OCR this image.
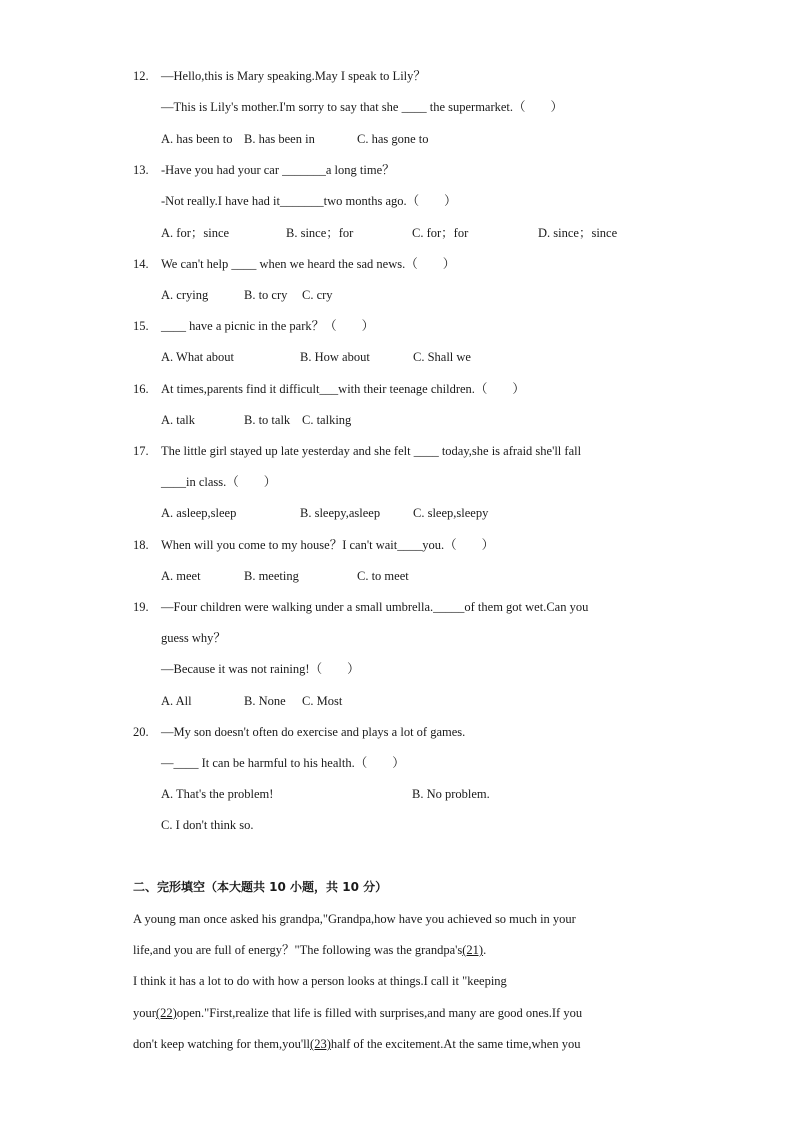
12. —Hello,this is Mary speaking.May I speak to Lily？
—This is Lily's mother.I'm sorry to say that she ____ the supermarket.（　　）
A. has been to B. has been in	C. has gone to
13. -Have you had your car _______a long time？
-Not really.I have had it_______two months ago.（　　）
A. for；since	B. since；for	C. for；for	D. since；since
14. We can't help ____ when we heard the sad news.（　　）
A. crying	B. to cry C. cry
15. ____ have a picnic in the park？（　　）
A. What about	B. How about	C. Shall we
16. At times,parents find it difficult___with their teenage children.（　　）
A. talk	B. to talk C. talking
17. The little girl stayed up late yesterday and she felt ____ today,she is afraid she'll fall
____in class.（　　）
A. asleep,sleep	B. sleepy,asleep	C. sleep,sleepy
18. When will you come to my house？I can't wait____you.（　　）
A. meet	B. meeting	C. to meet
19. —Four children were walking under a small umbrella._____of them got wet.Can you
guess why？
—Because it was not raining!（　　）
A. All	B. None C. Most
20. —My son doesn't often do exercise and plays a lot of games.
—____ It can be harmful to his health.（　　）
A. That's the problem!	B. No problem.
C. I don't think so.
二、完形填空（本大题共 10 小题，共 10 分）
A young man once asked his grandpa,"Grandpa,how have you achieved so much in your
life,and you are full of energy？"The following was the grandpa's(21).
I think it has a lot to do with how a person looks at things.I call it "keeping
your(22)open."First,realize that life is filled with surprises,and many are good ones.If you
don't keep watching for them,you'll(23)half of the excitement.At the same time,when you
